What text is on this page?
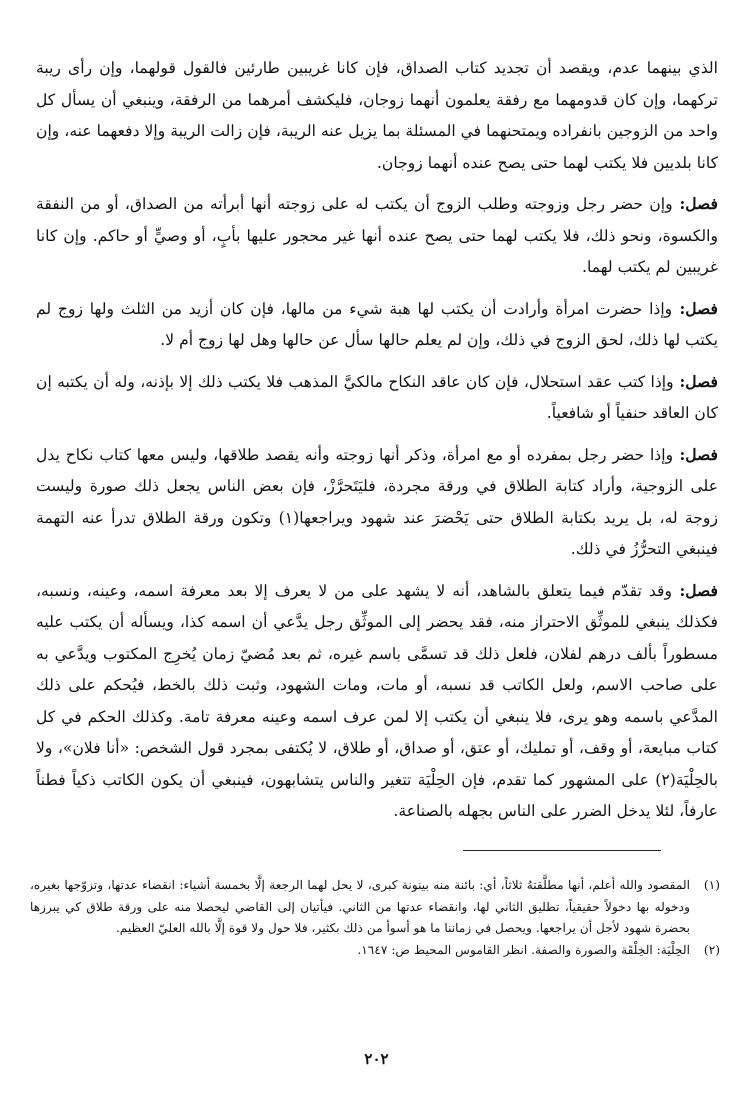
الذي بينهما عدم، ويقصد أن تجديد كتاب الصداق، فإن كانا غريبين طارئين فالقول قولهما، وإن رأى ريبة تركهما، وإن كان قدومهما مع رفقة يعلمون أنهما زوجان، فليكشف أمرهما من الرفقة، وينبغي أن يسأل كل واحد من الزوجين بانفراده ويمتحنهما في المسئلة بما يزيل عنه الريبة، فإن زالت الريبة وإلا دفعهما عنه، وإن كانا بلديين فلا يكتب لهما حتى يصح عنده أنهما زوجان.

فصل: وإن حضر رجل وزوجته وطلب الزوج أن يكتب له على زوجته أنها أبرأته من الصداق، أو من النفقة والكسوة، ونحو ذلك، فلا يكتب لهما حتى يصح عنده أنها غير محجور عليها بأبٍ، أو وصيٍّ أو حاكم. وإن كانا غريبين لم يكتب لهما.

فصل: وإذا حضرت امرأة وأرادت أن يكتب لها هبة شيء من مالها، فإن كان أزيد من الثلث ولها زوج لم يكتب لها ذلك، لحق الزوج في ذلك، وإن لم يعلم حالها سأل عن حالها وهل لها زوج أم لا.

فصل: وإذا كتب عقد استحلال، فإن كان عاقد النكاح مالكيَّ المذهب فلا يكتب ذلك إلا بإذنه، وله أن يكتبه إن كان العاقد حنفياً أو شافعياً.

فصل: وإذا حضر رجل بمفرده أو مع امرأة، وذكر أنها زوجته وأنه يقصد طلاقها، وليس معها كتاب نكاح يدل على الزوجية، وأراد كتابة الطلاق في ورقة مجردة، فليَتَحرَّزْ، فإن بعض الناس يجعل ذلك صورة وليست زوجة له، بل يريد بكتابة الطلاق حتى يَحْضرَ عند شهود ويراجعها(١) وتكون ورقة الطلاق تدرأ عنه التهمة فينبغي التحرُّزُ في ذلك.

فصل: وقد تقدّم فيما يتعلق بالشاهد، أنه لا يشهد على من لا يعرف إلا بعد معرفة اسمه، وعينه، ونسبه، فكذلك ينبغي للموثِّق الاحتراز منه، فقد يحضر إلى الموثِّق رجل يدَّعي أن اسمه كذا، ويسأله أن يكتب عليه مسطوراً بألف درهم لفلان، فلعل ذلك قد تسمَّى باسم غيره، ثم بعد مُضيّ زمان يُخرِج المكتوب ويدَّعي به على صاحب الاسم، ولعل الكاتب قد نسبه، أو مات، ومات الشهود، وثبت ذلك بالخط، فيُحكم على ذلك المدَّعي باسمه وهو يرى، فلا ينبغي أن يكتب إلا لمن عرف اسمه وعينه معرفة تامة. وكذلك الحكم في كل كتاب مبايعة، أو وقف، أو تمليك، أو عتق، أو صداق، أو طلاق، لا يُكتفى بمجرد قول الشخص: «أنا فلان»، ولا بالحِلْيَة(٢) على المشهور كما تقدم، فإن الحِلْيَة تتغير والناس يتشابهون، فينبغي أن يكون الكاتب ذكياً فطناً عارفاً، لئلا يدخل الضرر على الناس بجهله بالصناعة.

(١)
المقصود والله أعلم، أنها مطلَّقتهُ ثلاثاً، أي: بائنة منه بينونة كبرى، لا يحل لهما الرجعة إلَّا بخمسة أشياء: انقضاء عدتها، وتزوّجها بغيره، ودخوله بها دخولاً حقيقياً، تطليق الثاني لها، وانقضاء عدتها من الثاني. فيأتيان إلى القاضي ليحصلا منه على ورقة طلاق كي يبرزها بحضرة شهود لأجل أن يراجعها. ويحصل في زماننا ما هو أسوأ من ذلك بكثير، فلا حول ولا قوة إلَّا بالله العليّ العظيم.
(٢)
الحِلْيَة: الخِلْقَة والصورة والصفة. انظر القاموس المحيط ص: ١٦٤٧.
٢٠٢
